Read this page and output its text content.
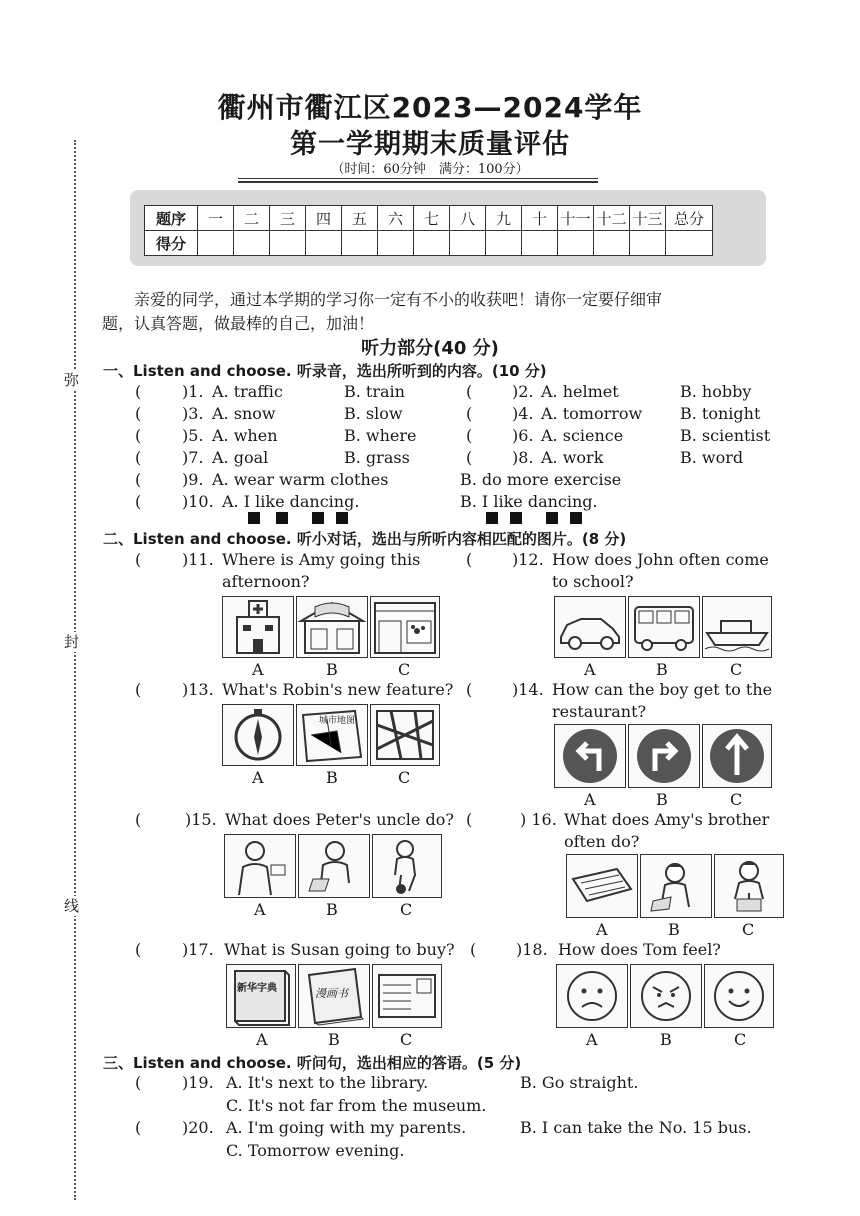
弥
封
线
衢州市衢江区2023—2024学年
第一学期期末质量评估
（时间：60分钟　满分：100分）
题序	一	二	三	四	五	六	七	八	九	十	十一	十二	十三	总分
得分														
亲爱的同学，通过本学期的学习你一定有不小的收获吧！请你一定要仔细审
题，认真答题，做最棒的自己，加油！
听力部分(40 分)
一、Listen and choose. 听录音，选出所听到的内容。(10 分)
(	)1. A. traffic	B. train	( )2. A. helmet	B. hobby
(	)3. A. snow	B. slow	( )4. A. tomorrow B. tonight
(	)5. A. when	B. where	( )6. A. science	B. scientist
(	)7. A. goal	B. grass	( )8. A. work	B. word
(	)9. A. wear warm clothes	B. do more exercise
(	)10. A. I like dancing.	B. I like dancing.
二、Listen and choose. 听小对话，选出与所听内容相匹配的图片。(8 分)
(	)11. Where is Amy going this
afternoon?
( )12. How does John often come
to school?
A	B	C	A	B	C
(	)13. What's Robin's new feature? ( )14. How can the boy get to the
restaurant?
城市地图
A	B	C
A	B	C
(	)15. What does Peter's uncle do? (	) 16. What does Amy's brother
often do?
A	B	C
A	B	C
(	)17. What is Susan going to buy? ( )18. How does Tom feel?
新华字典	漫画书
A	B	C	A	B	C
三、Listen and choose. 听问句，选出相应的答语。(5 分)
(	)19. A. It's next to the library.	B. Go straight.
C. It's not far from the museum.
(	)20. A. I'm going with my parents.	B. I can take the No. 15 bus.
C. Tomorrow evening.
